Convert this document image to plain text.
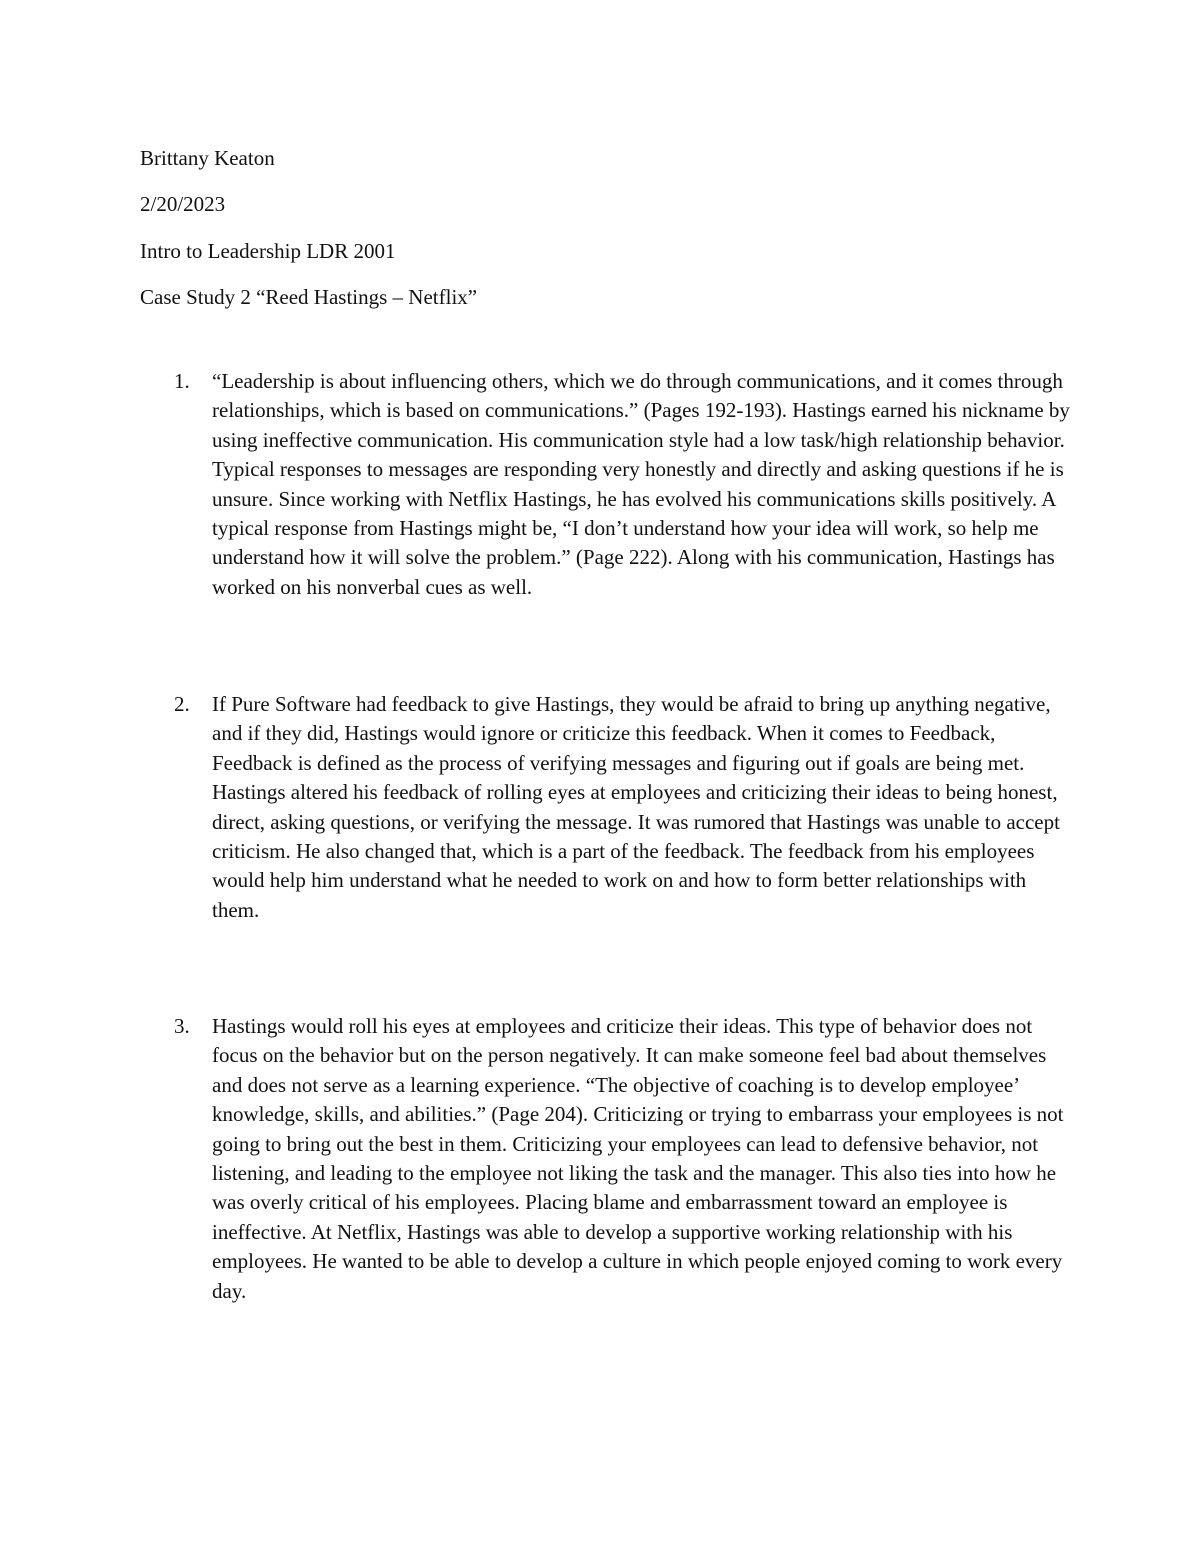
Brittany Keaton
2/20/2023
Intro to Leadership LDR 2001
Case Study 2 “Reed Hastings – Netflix”
1. “Leadership is about influencing others, which we do through communications, and it comes through relationships, which is based on communications.” (Pages 192-193). Hastings earned his nickname by using ineffective communication. His communication style had a low task/high relationship behavior. Typical responses to messages are responding very honestly and directly and asking questions if he is unsure. Since working with Netflix Hastings, he has evolved his communications skills positively. A typical response from Hastings might be, “I don’t understand how your idea will work, so help me understand how it will solve the problem.” (Page 222). Along with his communication, Hastings has worked on his nonverbal cues as well.
2. If Pure Software had feedback to give Hastings, they would be afraid to bring up anything negative, and if they did, Hastings would ignore or criticize this feedback. When it comes to Feedback, Feedback is defined as the process of verifying messages and figuring out if goals are being met. Hastings altered his feedback of rolling eyes at employees and criticizing their ideas to being honest, direct, asking questions, or verifying the message. It was rumored that Hastings was unable to accept criticism. He also changed that, which is a part of the feedback. The feedback from his employees would help him understand what he needed to work on and how to form better relationships with them.
3. Hastings would roll his eyes at employees and criticize their ideas. This type of behavior does not focus on the behavior but on the person negatively. It can make someone feel bad about themselves and does not serve as a learning experience. “The objective of coaching is to develop employee’ knowledge, skills, and abilities.” (Page 204). Criticizing or trying to embarrass your employees is not going to bring out the best in them. Criticizing your employees can lead to defensive behavior, not listening, and leading to the employee not liking the task and the manager. This also ties into how he was overly critical of his employees. Placing blame and embarrassment toward an employee is ineffective. At Netflix, Hastings was able to develop a supportive working relationship with his employees. He wanted to be able to develop a culture in which people enjoyed coming to work every day.
